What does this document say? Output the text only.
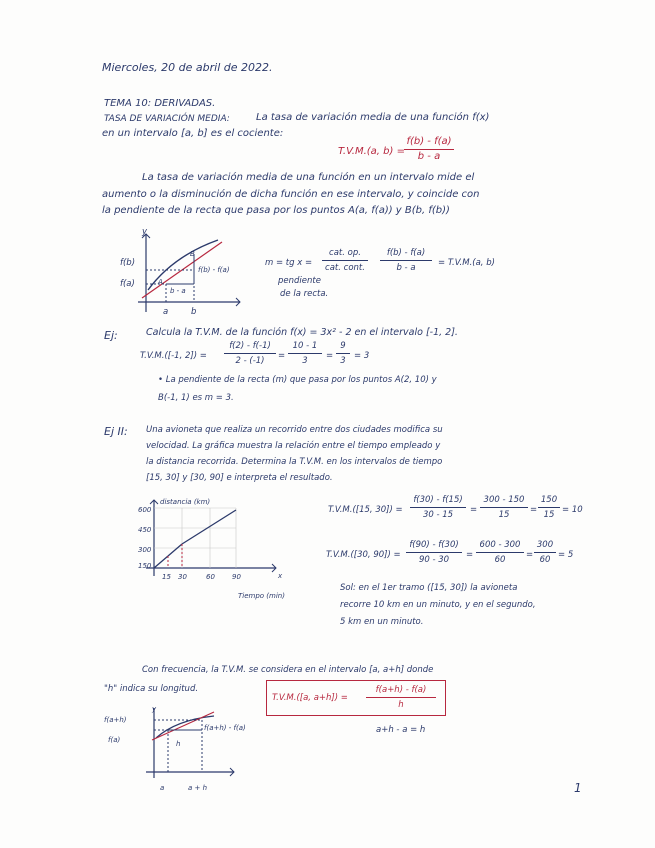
Miercoles, 20 de abril de 2022.
TEMA 10: DERIVADAS.
TASA DE VARIACIÓN MEDIA:	La tasa de variación media de una función f(x)
en un intervalo [a, b] es el cociente:
T.V.M.(a, b) =
f(b) - f(a)
b - a
La tasa de variación media de una función en un intervalo mide el
aumento o la disminución de dicha función en ese intervalo, y coincide con
la pendiente de la recta que pasa por los puntos A(a, f(a)) y B(b, f(b))
y
f(b)
f(a)	A
B
f(b) - f(a)
b - a
a	b
m = tg x =
cat. op.
cat. cont.
f(b) - f(a)
b - a	= T.V.M.(a, b)
pendiente
de la recta.
Ej:	Calcula la T.V.M. de la función f(x) = 3x² - 2 en el intervalo [-1, 2].
T.V.M.([-1, 2]) =
f(2) - f(-1)
2 - (-1)	=
10 - 1
3	=
9
3 = 3
• La pendiente de la recta (m) que pasa por los puntos A(2, 10) y
B(-1, 1) es m = 3.
Ej II: Una avioneta que realiza un recorrido entre dos ciudades modifica su
velocidad. La gráfica muestra la relación entre el tiempo empleado y
la distancia recorrida. Determina la T.V.M. en los intervalos de tiempo
[15, 30] y [30, 90] e interpreta el resultado.
distancia (km)
600
450
300
150
15 30	60 90	x
Tiempo (min)
T.V.M.([15, 30]) =
f(30) - f(15)
30 - 15	=
300 - 150
15	=
150
15 = 10
T.V.M.([30, 90]) =
f(90) - f(30)
90 - 30	=
600 - 300
60	=
300
60 = 5
Sol: en el 1er tramo ([15, 30]) la avioneta
recorre 10 km en un minuto, y en el segundo,
5 km en un minuto.
Con frecuencia, la T.V.M. se considera en el intervalo [a, a+h] donde
"h" indica su longitud.
T.V.M.([a, a+h]) =
f(a+h) - f(a)
h
a+h - a = h
f(a+h)
y
f(a)
f(a+h) - f(a)
h
a	a + h	1
